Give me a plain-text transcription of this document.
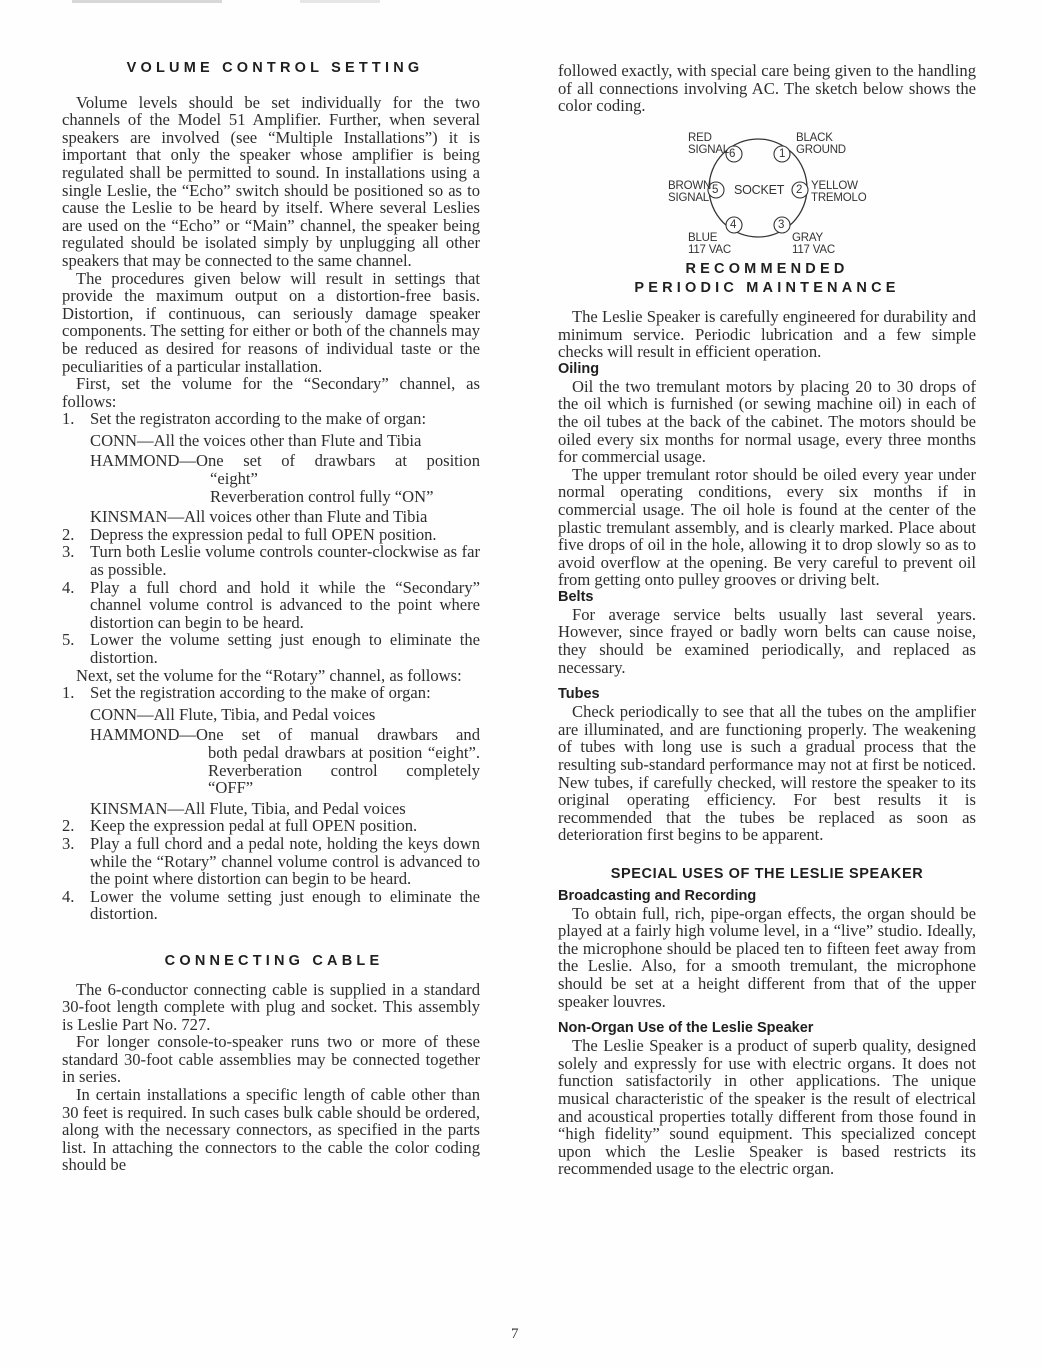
VOLUME CONTROL SETTING

Volume levels should be set individually for the two channels of the Model 51 Amplifier. Further, when several speakers are involved (see “Multiple Installations”) it is important that only the speaker whose amplifier is being regulated shall be permitted to sound. In installations using a single Leslie, the “Echo” switch should be positioned so as to cause the Leslie to be heard by itself. Where several Leslies are used on the “Echo” or “Main” channel, the speaker being regulated should be isolated simply by unplugging all other speakers that may be connected to the same channel.

The procedures given below will result in settings that provide the maximum output on a distortion-free basis. Distortion, if continuous, can seriously damage speaker components. The setting for either or both of the channels may be reduced as desired for reasons of individual taste or the peculiarities of a particular installation.

First, set the volume for the “Secondary” channel, as follows:

1. Set the registraton according to the make of organ:
CONN—All the voices other than Flute and Tibia
HAMMOND—One set of drawbars at position
“eight”
Reverberation control fully “ON”
KINSMAN—All voices other than Flute and Tibia
2. Depress the expression pedal to full OPEN position.
3. Turn both Leslie volume controls counter-clockwise as far as possible.
4. Play a full chord and hold it while the “Secondary” channel volume control is advanced to the point where distortion can begin to be heard.
5. Lower the volume setting just enough to eliminate the distortion.

Next, set the volume for the “Rotary” channel, as follows:

1. Set the registration according to the make of organ:
CONN—All Flute, Tibia, and Pedal voices
HAMMOND—One set of manual drawbars and
both pedal drawbars at position “eight”. Reverberation control completely “OFF”
KINSMAN—All Flute, Tibia, and Pedal voices
2. Keep the expression pedal at full OPEN position.
3. Play a full chord and a pedal note, holding the keys down while the “Rotary” channel volume control is advanced to the point where distortion can begin to be heard.
4. Lower the volume setting just enough to eliminate the distortion.
CONNECTING CABLE

The 6-conductor connecting cable is supplied in a standard 30-foot length complete with plug and socket. This assembly is Leslie Part No. 727.

For longer console-to-speaker runs two or more of these standard 30-foot cable assemblies may be connected together in series.

In certain installations a specific length of cable other than 30 feet is required. In such cases bulk cable should be ordered, along with the necessary connectors, as specified in the parts list. In attaching the connectors to the cable the color coding should be

followed exactly, with special care being given to the handling of all connections involving AC. The sketch below shows the color coding.

6	1
5	2
4	3
SOCKET
RED
SIGNAL
BLACK
GROUND
BROWN
SIGNAL
YELLOW
TREMOLO
BLUE
117 VAC
GRAY
117 VAC
RECOMMENDED
PERIODIC MAINTENANCE

The Leslie Speaker is carefully engineered for durability and minimum service. Periodic lubrication and a few simple checks will result in efficient operation.

Oiling

Oil the two tremulant motors by placing 20 to 30 drops of the oil which is furnished (or sewing machine oil) in each of the oil tubes at the back of the cabinet. The motors should be oiled every six months for normal usage, every three months for commercial usage.

The upper tremulant rotor should be oiled every year under normal operating conditions, every six months if in commercial usage. The oil hole is found at the center of the plastic tremulant assembly, and is clearly marked. Place about five drops of oil in the hole, allowing it to drop slowly so as to avoid overflow at the opening. Be very careful to prevent oil from getting onto pulley grooves or driving belt.

Belts

For average service belts usually last several years. However, since frayed or badly worn belts can cause noise, they should be examined periodically, and replaced as necessary.

Tubes

Check periodically to see that all the tubes on the amplifier are illuminated, and are functioning properly. The weakening of tubes with long use is such a gradual process that the resulting sub-standard performance may not at first be noticed. New tubes, if carefully checked, will restore the speaker to its original operating efficiency. For best results it is recommended that the tubes be replaced as soon as deterioration first begins to be apparent.

SPECIAL USES OF THE LESLIE SPEAKER
Broadcasting and Recording

To obtain full, rich, pipe-organ effects, the organ should be played at a fairly high volume level, in a “live” studio. Ideally, the microphone should be placed ten to fifteen feet away from the Leslie. Also, for a smooth tremulant, the microphone should be set at a height different from that of the upper speaker louvres.

Non-Organ Use of the Leslie Speaker

The Leslie Speaker is a product of superb quality, designed solely and expressly for use with electric organs. It does not function satisfactorily in other applications. The unique musical characteristic of the speaker is the result of electrical and acoustical properties totally different from those found in “high fidelity” sound equipment. This specialized concept upon which the Leslie Speaker is based restricts its recommended usage to the electric organ.

7
